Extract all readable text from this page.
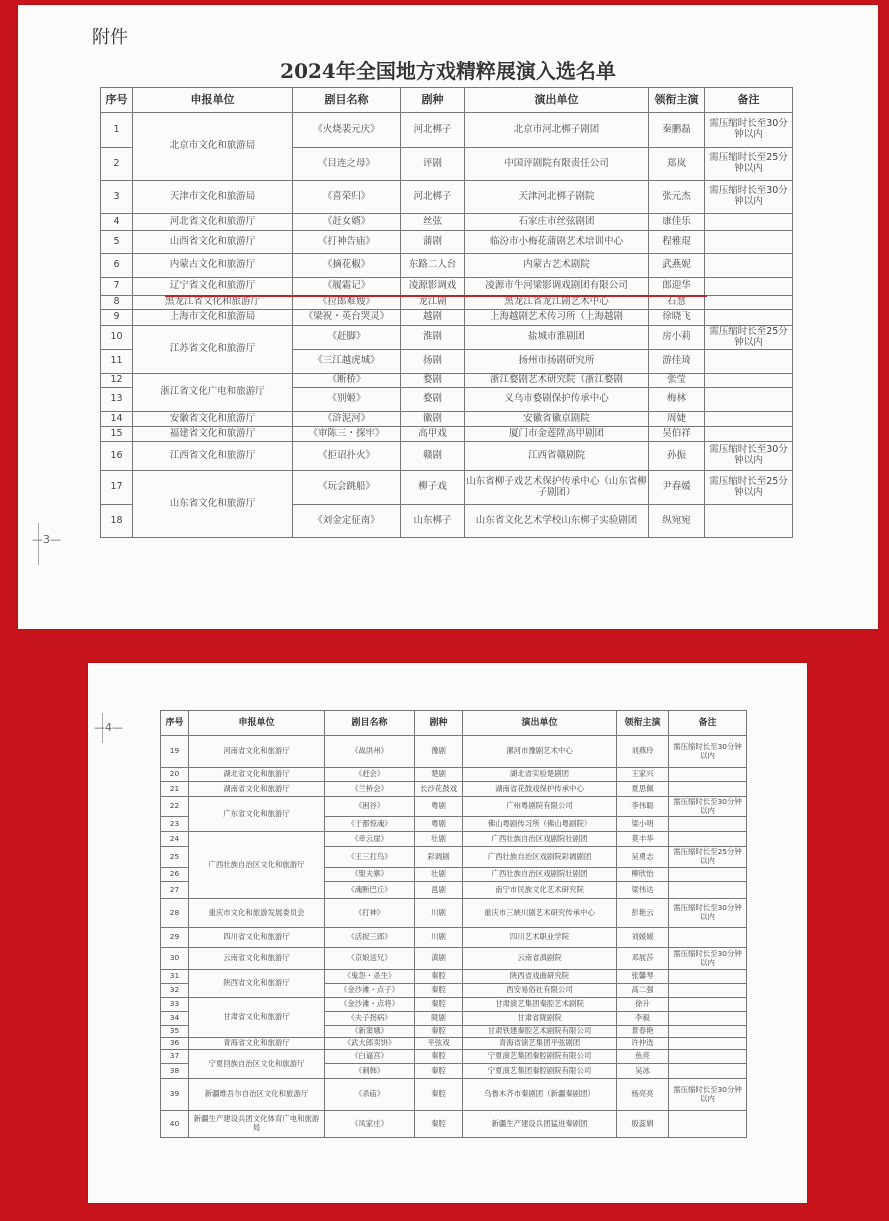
附件
2024年全国地方戏精粹展演入选名单
—3—
序号	申报单位	剧目名称	剧种	演出单位	领衔主演	备注
1	北京市文化和旅游局	《火烧裴元庆》	河北梆子	北京市河北梆子剧团	秦鹏磊	需压缩时长至30分钟以内
2		《目连之母》	评剧	中国评剧院有限责任公司	郑岚	需压缩时长至25分钟以内
3	天津市文化和旅游局	《喜荣归》	河北梆子	天津河北梆子剧院	张元杰	需压缩时长至30分钟以内
4	河北省文化和旅游厅	《赶女婿》	丝弦	石家庄市丝弦剧团	康佳乐	
5	山西省文化和旅游厅	《打神告庙》	蒲剧	临汾市小梅花蒲剧艺术培训中心	程雅琨	
6	内蒙古文化和旅游厅	《摘花椒》	东路二人台	内蒙古艺术剧院	武燕妮	
7	辽宁省文化和旅游厅	《履霜记》	凌源影调戏	凌源市牛河梁影调戏剧团有限公司	郎迎华	
8	黑龙江省文化和旅游厅	《拉郎难嫂》	龙江剧	黑龙江省龙江剧艺术中心	石慧	
9	上海市文化和旅游局	《梁祝・英台哭灵》	越剧	上海越剧艺术传习所（上海越剧	徐晓飞	
10	江苏省文化和旅游厅	《赶脚》	淮剧	盐城市淮剧团	房小莉	需压缩时长至25分钟以内
11		《三江越虎城》	扬剧	扬州市扬剧研究所	游佳琦	
12	浙江省文化广电和旅游厅	《断桥》	婺剧	浙江婺剧艺术研究院（浙江婺剧	张莹	
13		《别姬》	婺剧	义乌市婺剧保护传承中心	梅林	
14	安徽省文化和旅游厅	《浒泥河》	徽剧	安徽省徽京剧院	周婕	
15	福建省文化和旅游厅	《审陈三・探牢》	高甲戏	厦门市金莲陞高甲剧团	吴伯祥	
16	江西省文化和旅游厅	《拒诏扑火》	赣剧	江西省赣剧院	孙振	需压缩时长至30分钟以内
17	山东省文化和旅游厅	《玩会跳船》	柳子戏	山东省柳子戏艺术保护传承中心（山东省柳子剧团）	尹春媛	需压缩时长至25分钟以内
18		《刘金定征南》	山东梆子	山东省文化艺术学校山东梆子实验剧团	纵宛宛	
—4—	序号	申报单位	剧目名称	剧种	演出单位	领衔主演	备注
19	河南省文化和旅游厅	《战洪州》	豫剧	漯河市豫剧艺术中心	刘燕玲	需压缩时长至30分钟以内
20	湖北省文化和旅游厅	《赶会》	楚剧	湖北省实验楚剧团	王家兴	
21	湖南省文化和旅游厅	《兰桥会》	长沙花鼓戏	湖南省花鼓戏保护传承中心	夏思佩	
22	广东省文化和旅游厅	《困谷》	粤剧	广州粤剧院有限公司	李伟聪	需压缩时长至30分钟以内
23		《于都惊魂》	粤剧	佛山粤剧传习所（佛山粤剧院）	梁小明	
24	广西壮族自治区文化和旅游厅	《牵云崖》	壮剧	广西壮族自治区戏剧院壮剧团	莫丰华	
25		《王三打鸟》	彩调剧	广西壮族自治区戏剧院彩调剧团	吴勇志	需压缩时长至25分钟以内
26		《聖夫寨》	壮剧	广西壮族自治区戏剧院壮剧团	柳欣怡	
27		《魂断巴丘》	邕剧	南宁市民族文化艺术研究院	梁伟达	
28	重庆市文化和旅游发展委员会	《打神》	川剧	重庆市三峡川剧艺术研究传承中心	彭艳云	需压缩时长至30分钟以内
29	四川省文化和旅游厅	《活捉三郎》	川剧	四川艺术职业学院	刘媛媛	
30	云南省文化和旅游厅	《京娘送兄》	滇剧	云南省滇剧院	邓展莎	需压缩时长至30分钟以内
31	陕西省文化和旅游厅	《鬼怨・杀生》	秦腔	陕西省戏曲研究院	张馨琴	
32		《金沙滩・点子》	秦腔	西安易俗社有限公司	高二强	
33	甘肃省文化和旅游厅	《金沙滩・点将》	秦腔	甘肃演艺集团秦腔艺术剧院	徐升	
34		《夫子拐病》	陇剧	甘肃省陇剧院	李毅	
35		《新窦娥》	秦腔	甘肃铁建秦腔艺术剧院有限公司	景春艳	
36	青海省文化和旅游厅	《武大郎卖饼》	平弦戏	青海省演艺集团平弦剧团	许仲选	
37	宁夏回族自治区文化和旅游厅	《白逼宫》	秦腔	宁夏演艺集团秦腔剧院有限公司	鱼亮	
38		《刺韩》	秦腔	宁夏演艺集团秦腔剧院有限公司	吴冰	
39	新疆维吾尔自治区文化和旅游厅	《杀庙》	秦腔	乌鲁木齐市秦剧团（新疆秦剧团）	杨亮亮	需压缩时长至30分钟以内
40	新疆生产建设兵团文化体育广电和旅游局	《凤家庄》	秦腔	新疆生产建设兵团猛进秦剧团	殷蕊娟	
